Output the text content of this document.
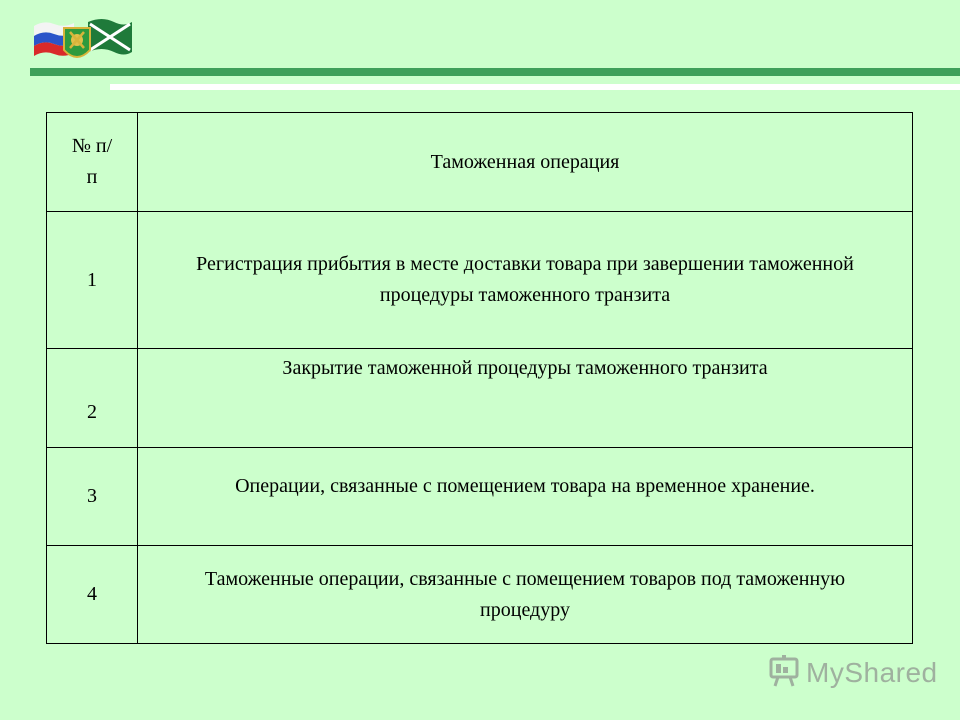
№ п/п	Таможенная операция
1	Регистрация прибытия в месте доставки товара при завершении таможенной процедуры таможенного транзита
2	Закрытие таможенной процедуры таможенного транзита
3	Операции, связанные с помещением товара на временное хранение.
4	Таможенные операции, связанные с помещением товаров под таможенную процедуру
MyShared
